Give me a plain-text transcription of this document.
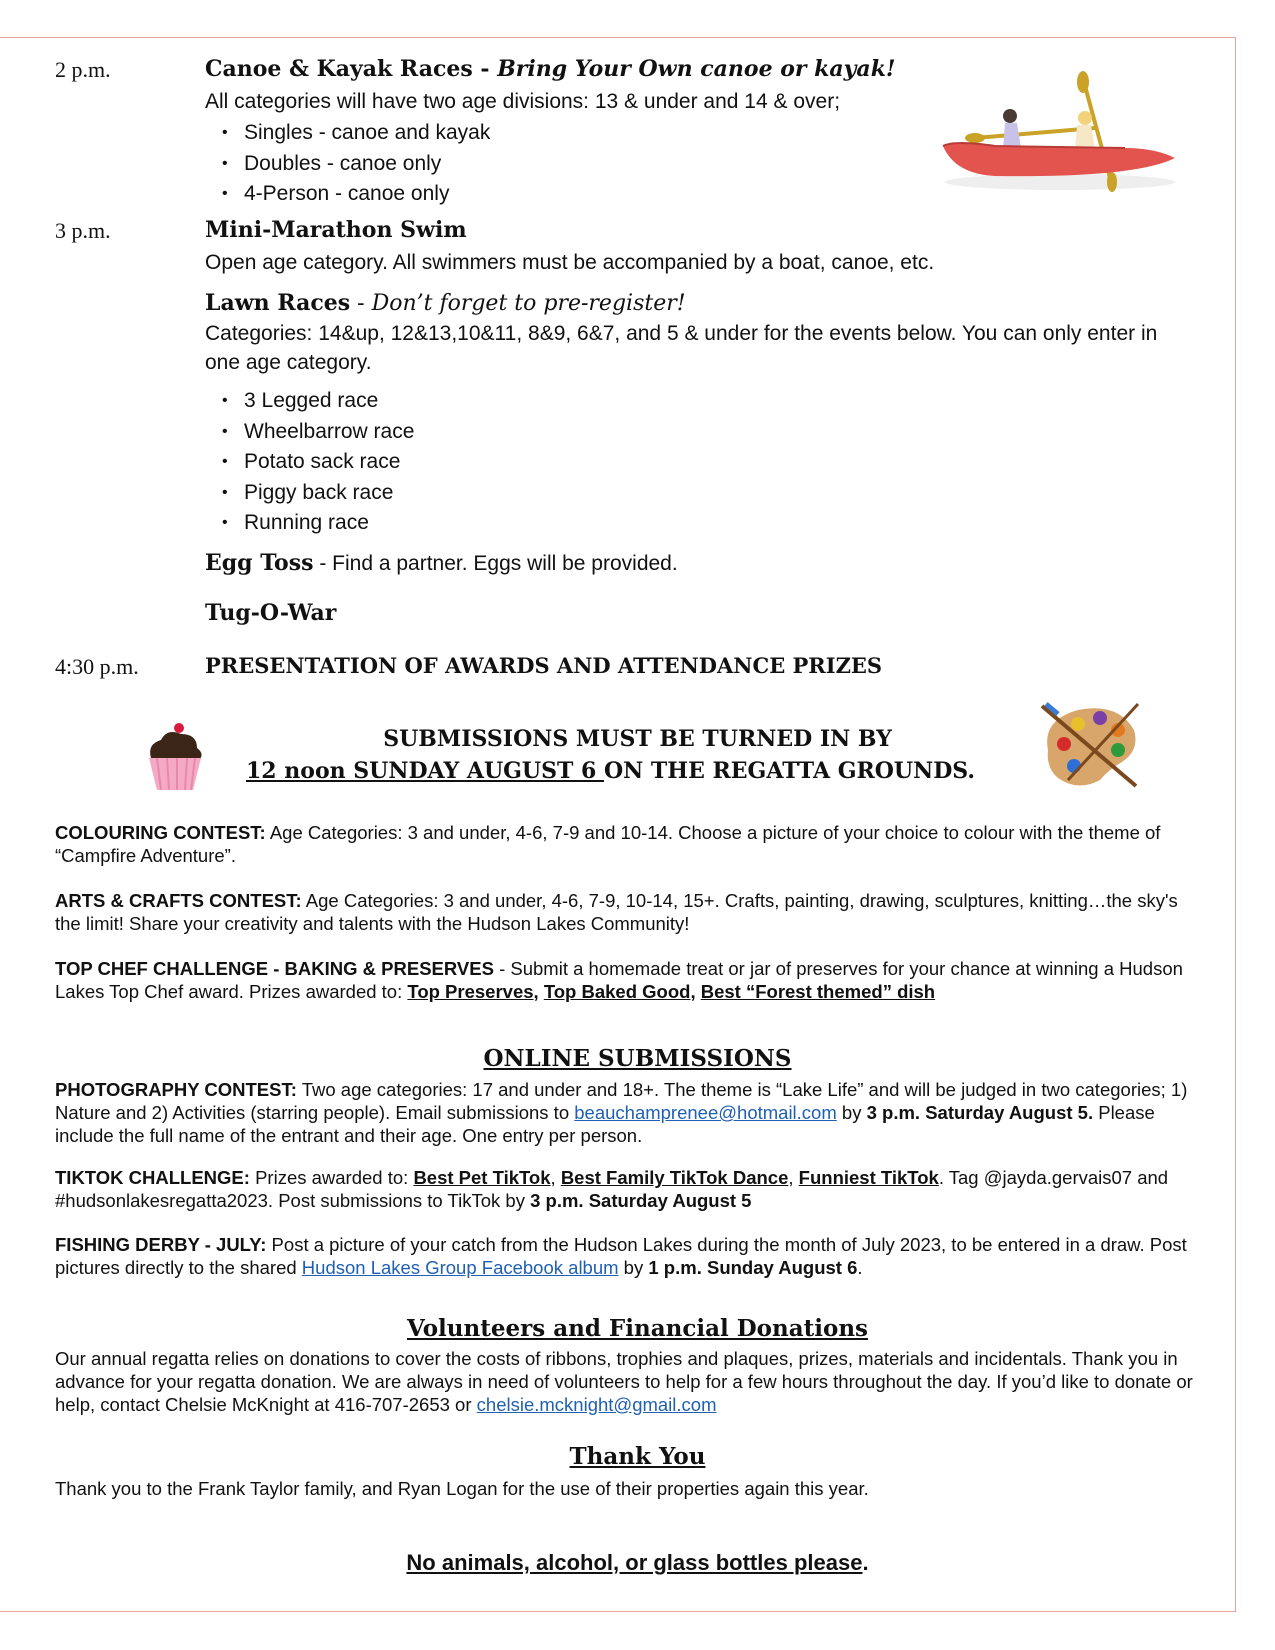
2 p.m.	Canoe & Kayak Races - Bring Your Own canoe or kayak!
All categories will have two age divisions: 13 & under and 14 & over;
• Singles - canoe and kayak
• Doubles - canoe only
• 4-Person - canoe only
3 p.m.	Mini-Marathon Swim
Open age category. All swimmers must be accompanied by a boat, canoe, etc.
Lawn Races - Don’t forget to pre-register!
Categories: 14&up, 12&13,10&11, 8&9, 6&7, and 5 & under for the events below. You can only enter in one age category.
• 3 Legged race
• Wheelbarrow race
• Potato sack race
• Piggy back race
• Running race
Egg Toss - Find a partner. Eggs will be provided.
Tug-O-War
4:30 p.m.	PRESENTATION OF AWARDS AND ATTENDANCE PRIZES
SUBMISSIONS MUST BE TURNED IN BY
12 noon SUNDAY AUGUST 6 ON THE REGATTA GROUNDS.
COLOURING CONTEST: Age Categories: 3 and under, 4-6, 7-9 and 10-14. Choose a picture of your choice to colour with the theme of “Campfire Adventure”.
ARTS & CRAFTS CONTEST: Age Categories: 3 and under, 4-6, 7-9, 10-14, 15+. Crafts, painting, drawing, sculptures, knitting…the sky's the limit! Share your creativity and talents with the Hudson Lakes Community!
TOP CHEF CHALLENGE - BAKING & PRESERVES - Submit a homemade treat or jar of preserves for your chance at winning a Hudson Lakes Top Chef award. Prizes awarded to: Top Preserves, Top Baked Good, Best “Forest themed” dish
ONLINE SUBMISSIONS
PHOTOGRAPHY CONTEST: Two age categories: 17 and under and 18+. The theme is “Lake Life” and will be judged in two categories; 1) Nature and 2) Activities (starring people). Email submissions to beauchamprenee@hotmail.com by 3 p.m. Saturday August 5. Please include the full name of the entrant and their age. One entry per person.
TIKTOK CHALLENGE: Prizes awarded to: Best Pet TikTok, Best Family TikTok Dance, Funniest TikTok. Tag @jayda.gervais07 and #hudsonlakesregatta2023. Post submissions to TikTok by 3 p.m. Saturday August 5
FISHING DERBY - JULY: Post a picture of your catch from the Hudson Lakes during the month of July 2023, to be entered in a draw. Post pictures directly to the shared Hudson Lakes Group Facebook album by 1 p.m. Sunday August 6.
Volunteers and Financial Donations
Our annual regatta relies on donations to cover the costs of ribbons, trophies and plaques, prizes, materials and incidentals. Thank you in advance for your regatta donation. We are always in need of volunteers to help for a few hours throughout the day. If you’d like to donate or help, contact Chelsie McKnight at 416-707-2653 or chelsie.mcknight@gmail.com
Thank You
Thank you to the Frank Taylor family, and Ryan Logan for the use of their properties again this year.
No animals, alcohol, or glass bottles please.
